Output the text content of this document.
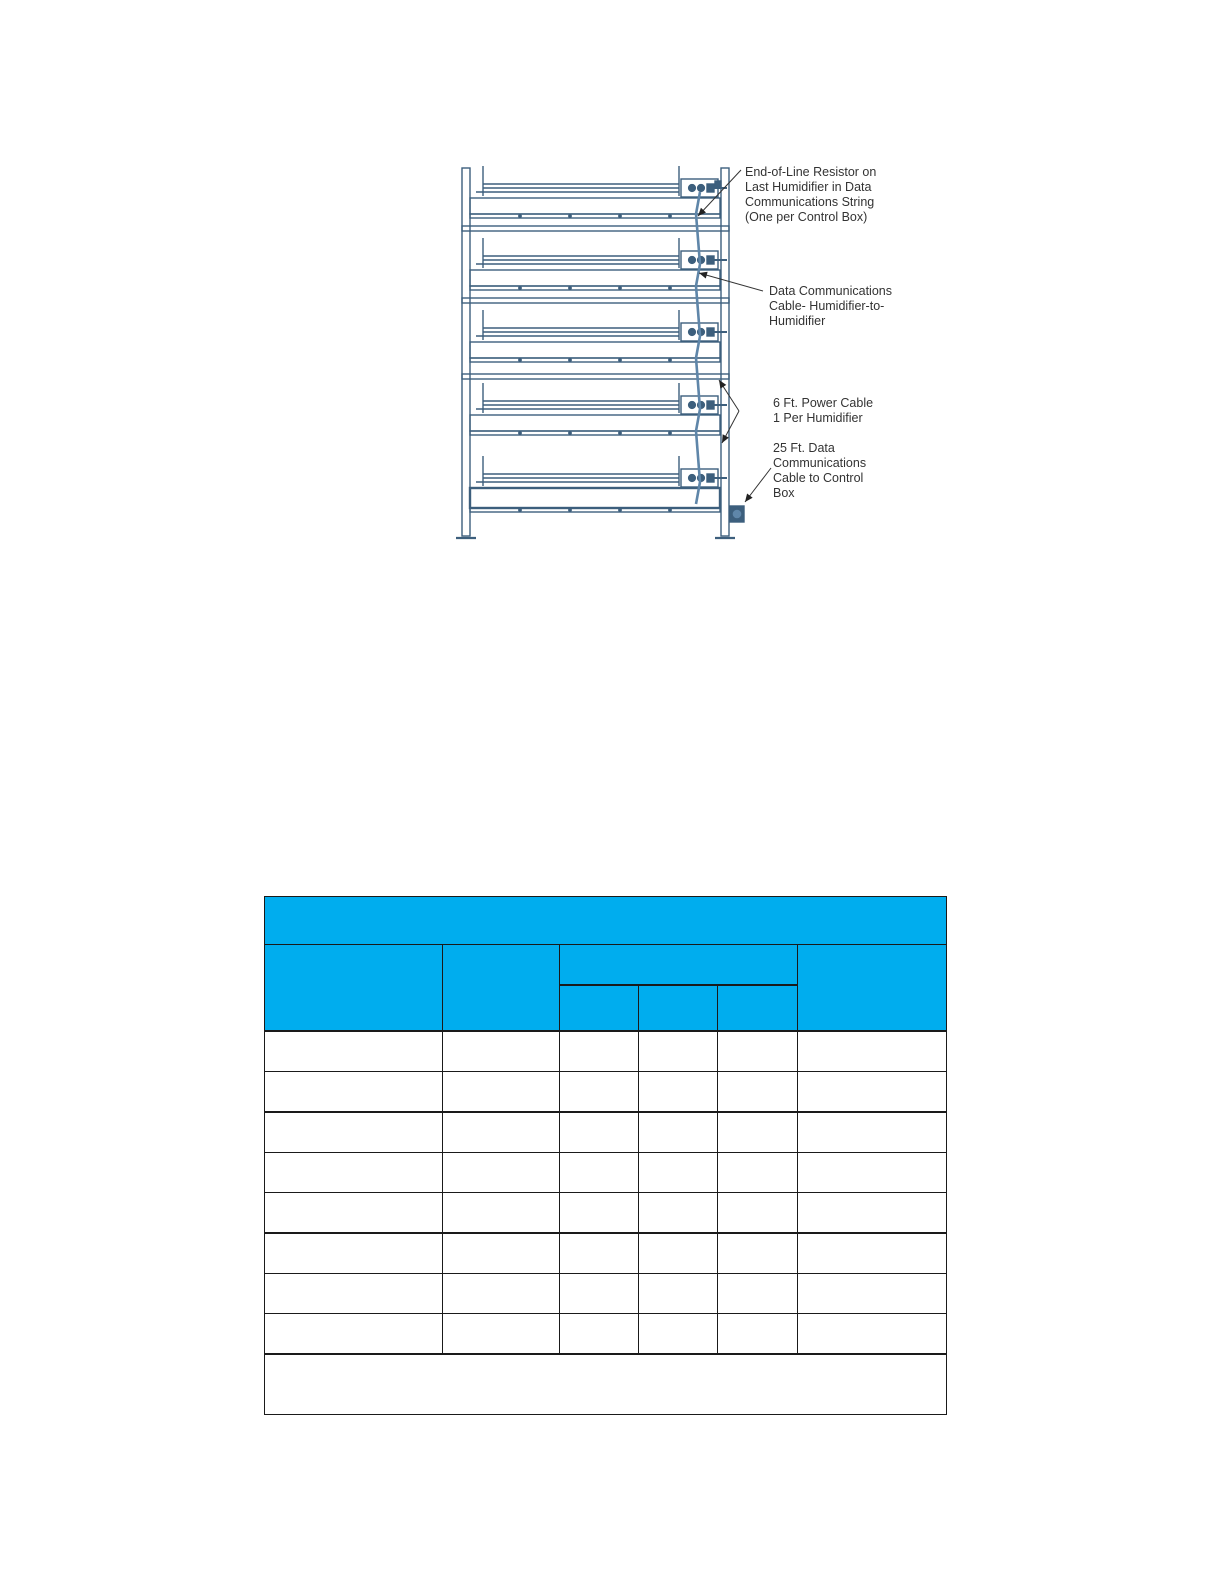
End-of-Line Resistor on
Last Humidifier in Data
Communications String
(One per Control Box)
Data Communications
Cable- Humidifier-to-
Humidifier
6 Ft. Power Cable
1 Per Humidifier
25 Ft. Data
Communications
Cable to Control
Box
